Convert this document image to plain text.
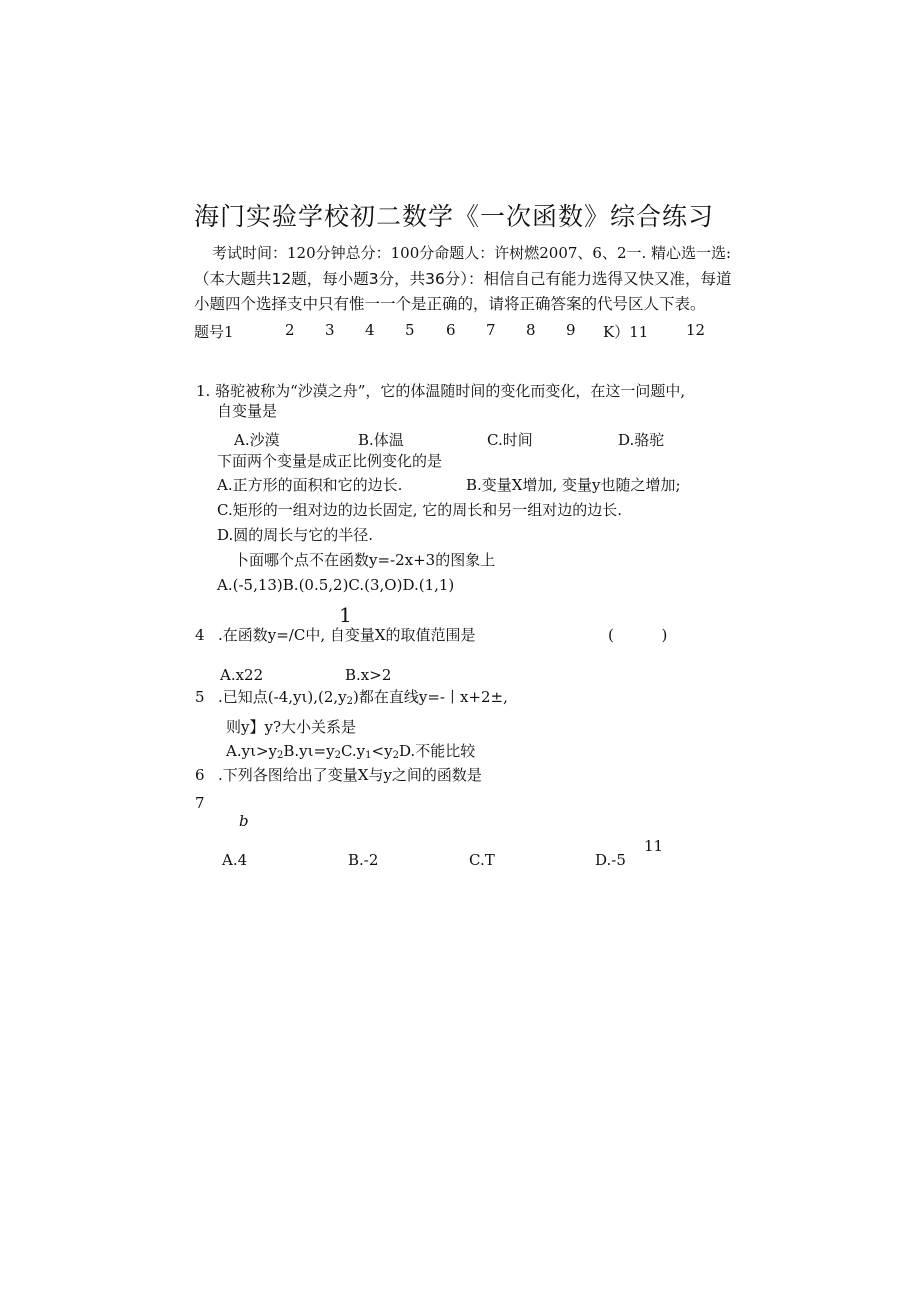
海门实验学校初二数学《一次函数》综合练习
考试时间：120分钟总分：100分命题人：许树燃2007、6、2一. 精心选一选:
（本大题共12题，每小题3分，共36分）：相信自己有能力选得又快又准，每道
小题四个选择支中只有惟一一个是正确的，请将正确答案的代号区人下表。
题号1	2 3 4 5 6 7 8 9 K）11	12
1. 骆驼被称为“沙漠之舟”，它的体温随时间的变化而变化，在这一问题中,
自变量是
A.沙漠	B.体温	C.时间	D.骆驼
下面两个变量是成正比例变化的是
A.正方形的面积和它的边长.	B.变量X增加, 变量y也随之增加;
C.矩形的一组对边的边长固定, 它的周长和另一组对边的边长.
D.圆的周长与它的半径.
卜面哪个点不在函数y=-2x+3的图象上
A.(-5,13)B.(0.5,2)C.(3,O)D.(1,1)
1
4 .在函数y=/C中, 自变量X的取值范围是	(          )
A.x22	B.x>2
5 .已知点$(-4,y\iota),(2,y_2)$都在直线y=-丨x+2±,
则y】y?大小关系是
$A.y\iota>y_2B.y\iota=y_2C.y_1<y_2D$.不能比较
6 .下列各图给出了变量X与y之间的函数是
7
b
11
A.4	B.-2	C.T	D.-5
